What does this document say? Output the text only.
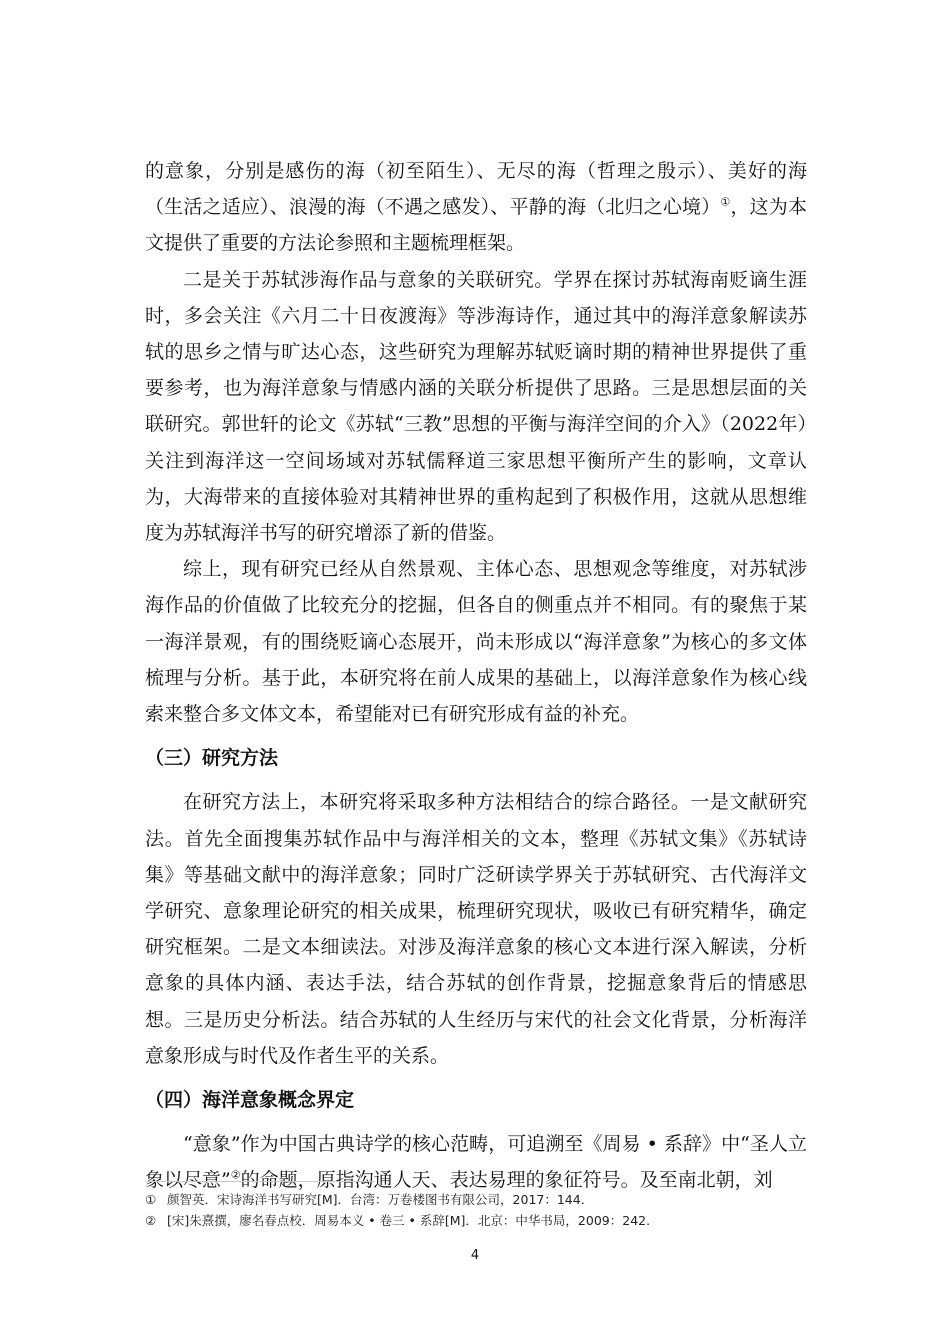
的意象，分别是感伤的海（初至陌生）、无尽的海（哲理之殷示）、美好的海（生活之适应）、浪漫的海（不遇之感发）、平静的海（北归之心境）①，这为本文提供了重要的方法论参照和主题梳理框架。

二是关于苏轼涉海作品与意象的关联研究。学界在探讨苏轼海南贬谪生涯时，多会关注《六月二十日夜渡海》等涉海诗作，通过其中的海洋意象解读苏轼的思乡之情与旷达心态，这些研究为理解苏轼贬谪时期的精神世界提供了重要参考，也为海洋意象与情感内涵的关联分析提供了思路。三是思想层面的关联研究。郭世轩的论文《苏轼“三教”思想的平衡与海洋空间的介入》（2022年）关注到海洋这一空间场域对苏轼儒释道三家思想平衡所产生的影响，文章认为，大海带来的直接体验对其精神世界的重构起到了积极作用，这就从思想维度为苏轼海洋书写的研究增添了新的借鉴。

综上，现有研究已经从自然景观、主体心态、思想观念等维度，对苏轼涉海作品的价值做了比较充分的挖掘，但各自的侧重点并不相同。有的聚焦于某一海洋景观，有的围绕贬谪心态展开，尚未形成以“海洋意象”为核心的多文体梳理与分析。基于此，本研究将在前人成果的基础上，以海洋意象作为核心线索来整合多文体文本，希望能对已有研究形成有益的补充。

（三）研究方法

在研究方法上，本研究将采取多种方法相结合的综合路径。一是文献研究法。首先全面搜集苏轼作品中与海洋相关的文本，整理《苏轼文集》《苏轼诗集》等基础文献中的海洋意象；同时广泛研读学界关于苏轼研究、古代海洋文学研究、意象理论研究的相关成果，梳理研究现状，吸收已有研究精华，确定研究框架。二是文本细读法。对涉及海洋意象的核心文本进行深入解读，分析意象的具体内涵、表达手法，结合苏轼的创作背景，挖掘意象背后的情感思想。三是历史分析法。结合苏轼的人生经历与宋代的社会文化背景，分析海洋意象形成与时代及作者生平的关系。

（四）海洋意象概念界定

“意象”作为中国古典诗学的核心范畴，可追溯至《周易 • 系辞》中“圣人立象以尽意”②的命题，原指沟通人天、表达易理的象征符号。及至南北朝，刘

① 颜智英．宋诗海洋书写研究[M]．台湾：万卷楼图书有限公司，2017：144.

② [宋]朱熹撰，廖名春点校．周易本义 • 卷三 • 系辞[M]．北京：中华书局，2009：242.

4
